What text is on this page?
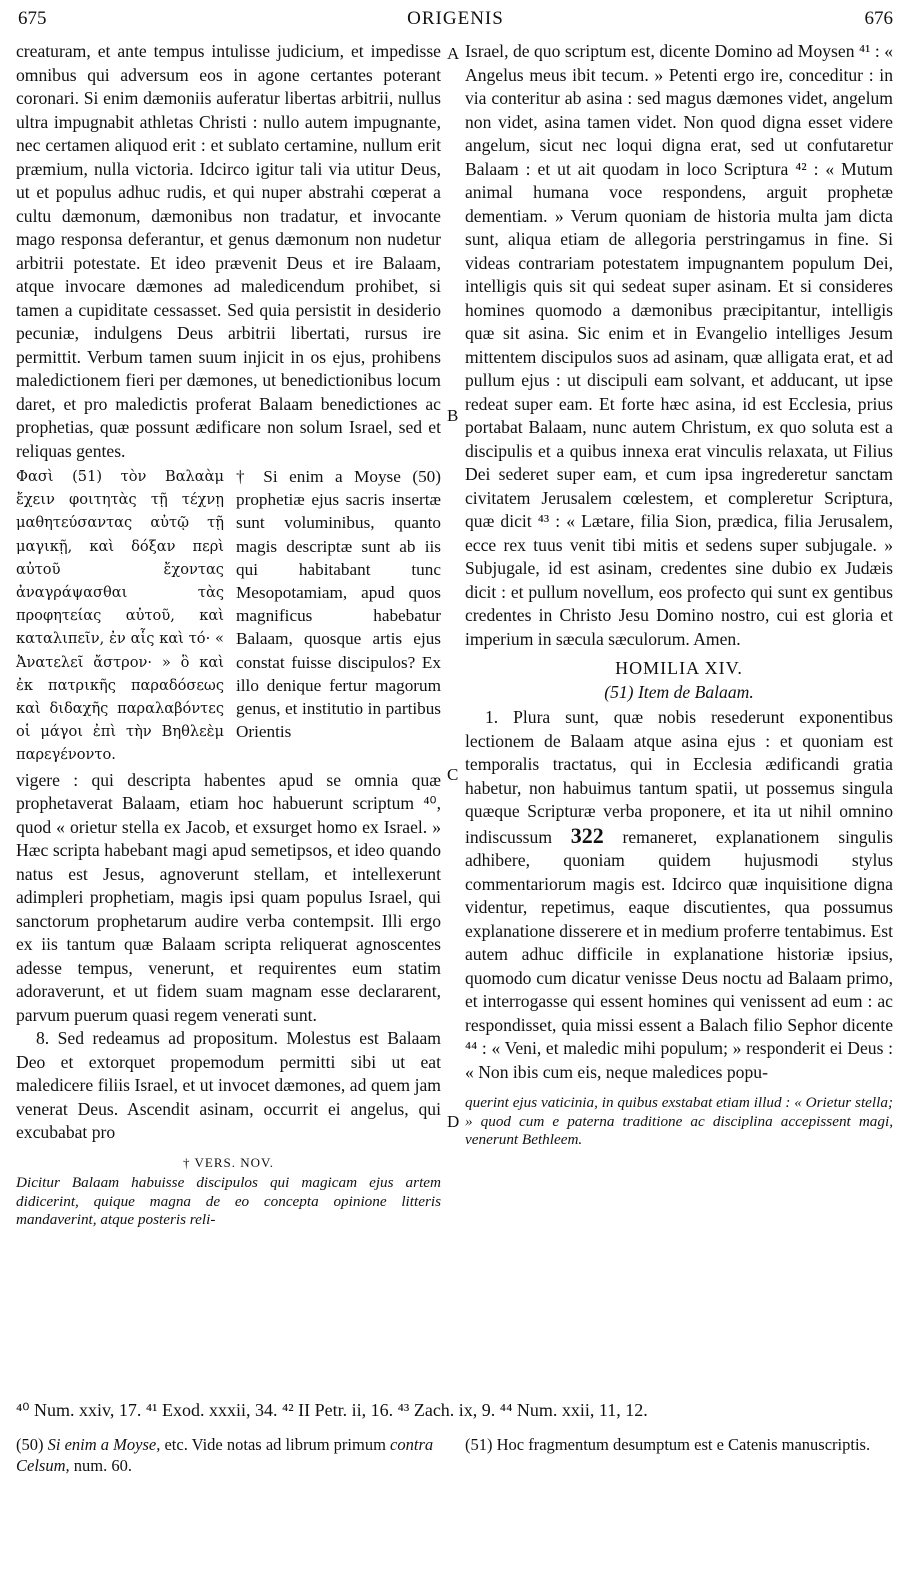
675	ORIGENIS	676
A
B
C
D

creaturam, et ante tempus intulisse judicium, et impedisse omnibus qui adversum eos in agone certantes poterant coronari. Si enim dæmoniis auferatur libertas arbitrii, nullus ultra impugnabit athletas Christi : nullo autem impugnante, nec certamen aliquod erit : et sublato certamine, nullum erit præmium, nulla victoria. Idcirco igitur tali via utitur Deus, ut et populus adhuc rudis, et qui nuper abstrahi cœperat a cultu dæmonum, dæmonibus non tradatur, et invocante mago responsa deferantur, et genus dæmonum non nudetur arbitrii potestate. Et ideo prævenit Deus et ire Balaam, atque invocare dæmones ad maledicendum prohibet, si tamen a cupiditate cessasset. Sed quia persistit in desiderio pecuniæ, indulgens Deus arbitrii libertati, rursus ire permittit. Verbum tamen suum injicit in os ejus, prohibens maledictionem fieri per dæmones, ut benedictionibus locum daret, et pro maledictis proferat Balaam benedictiones ac prophetias, quæ possunt ædificare non solum Israel, sed et reliquas gentes.

Φασὶ (51) τὸν Βαλαὰμ ἔχειν φοιτητὰς τῇ τέχνῃ μαθητεύσαντας αὐτῷ τῇ μαγικῇ, καὶ δόξαν περὶ αὐτοῦ ἔχοντας ἀναγράψασθαι τὰς προφητείας αὐτοῦ, καὶ καταλιπεῖν, ἐν αἷς καὶ τό· « Ἀνατελεῖ ἄστρον· » ὃ καὶ ἐκ πατρικῆς παραδόσεως καὶ διδαχῆς παραλαβόντες οἱ μάγοι ἐπὶ τὴν Βηθλεὲμ παρεγένοντο.
† Si enim a Moyse (50) prophetiæ ejus sacris insertæ sunt voluminibus, quanto magis descriptæ sunt ab iis qui habitabant tunc Mesopotamiam, apud quos magnificus habebatur Balaam, quosque artis ejus constat fuisse discipulos? Ex illo denique fertur magorum genus, et institutio in partibus Orientis

vigere : qui descripta habentes apud se omnia quæ prophetaverat Balaam, etiam hoc habuerunt scriptum ⁴⁰, quod « orietur stella ex Jacob, et exsurget homo ex Israel. » Hæc scripta habebant magi apud semetipsos, et ideo quando natus est Jesus, agnoverunt stellam, et intellexerunt adimpleri prophetiam, magis ipsi quam populus Israel, qui sanctorum prophetarum audire verba contempsit. Illi ergo ex iis tantum quæ Balaam scripta reliquerat agnoscentes adesse tempus, venerunt, et requirentes eum statim adoraverunt, et ut fidem suam magnam esse declararent, parvum puerum quasi regem venerati sunt.

8. Sed redeamus ad propositum. Molestus est Balaam Deo et extorquet propemodum permitti sibi ut eat maledicere filiis Israel, et ut invocet dæmones, ad quem jam venerat Deus. Ascendit asinam, occurrit ei angelus, qui excubabat pro

† VERS. NOV.
Dicitur Balaam habuisse discipulos qui magicam ejus artem didicerint, quique magna de eo concepta opinione litteris mandaverint, atque posteris reli-

Israel, de quo scriptum est, dicente Domino ad Moysen ⁴¹ : « Angelus meus ibit tecum. » Petenti ergo ire, conceditur : in via conteritur ab asina : sed magus dæmones videt, angelum non videt, asina tamen videt. Non quod digna esset videre angelum, sicut nec loqui digna erat, sed ut confutaretur Balaam : et ut ait quodam in loco Scriptura ⁴² : « Mutum animal humana voce respondens, arguit prophetæ dementiam. » Verum quoniam de historia multa jam dicta sunt, aliqua etiam de allegoria perstringamus in fine. Si videas contrariam potestatem impugnantem populum Dei, intelligis quis sit qui sedeat super asinam. Et si consideres homines quomodo a dæmonibus præcipitantur, intelligis quæ sit asina. Sic enim et in Evangelio intelliges Jesum mittentem discipulos suos ad asinam, quæ alligata erat, et ad pullum ejus : ut discipuli eam solvant, et adducant, ut ipse redeat super eam. Et forte hæc asina, id est Ecclesia, prius portabat Balaam, nunc autem Christum, ex quo soluta est a discipulis et a quibus innexa erat vinculis relaxata, ut Filius Dei sederet super eam, et cum ipsa ingrederetur sanctam civitatem Jerusalem cœlestem, et compleretur Scriptura, quæ dicit ⁴³ : « Lætare, filia Sion, prædica, filia Jerusalem, ecce rex tuus venit tibi mitis et sedens super subjugale. » Subjugale, id est asinam, credentes sine dubio ex Judæis dicit : et pullum novellum, eos profecto qui sunt ex gentibus credentes in Christo Jesu Domino nostro, cui est gloria et imperium in sæcula sæculorum. Amen.

HOMILIA XIV.
(51) Item de Balaam.

1. Plura sunt, quæ nobis resederunt exponentibus lectionem de Balaam atque asina ejus : et quoniam est temporalis tractatus, qui in Ecclesia ædificandi gratia habetur, non habuimus tantum spatii, ut possemus singula quæque Scripturæ verba proponere, et ita ut nihil omnino indiscussum 322 remaneret, explanationem singulis adhibere, quoniam quidem hujusmodi stylus commentariorum magis est. Idcirco quæ inquisitione digna videntur, repetimus, eaque discutientes, qua possumus explanatione disserere et in medium proferre tentabimus. Est autem adhuc difficile in explanatione historiæ ipsius, quomodo cum dicatur venisse Deus noctu ad Balaam primo, et interrogasse qui essent homines qui venissent ad eum : ac respondisset, quia missi essent a Balach filio Sephor dicente ⁴⁴ : « Veni, et maledic mihi populum; » responderit ei Deus : « Non ibis cum eis, neque maledices popu-

querint ejus vaticinia, in quibus exstabat etiam illud : « Orietur stella; » quod cum e paterna traditione ac disciplina accepissent magi, venerunt Bethleem.
⁴⁰ Num. xxiv, 17. ⁴¹ Exod. xxxii, 34. ⁴² II Petr. ii, 16. ⁴³ Zach. ix, 9. ⁴⁴ Num. xxii, 11, 12.
(50) Si enim a Moyse, etc. Vide notas ad librum primum contra Celsum, num. 60.
(51) Hoc fragmentum desumptum est e Catenis manuscriptis.
